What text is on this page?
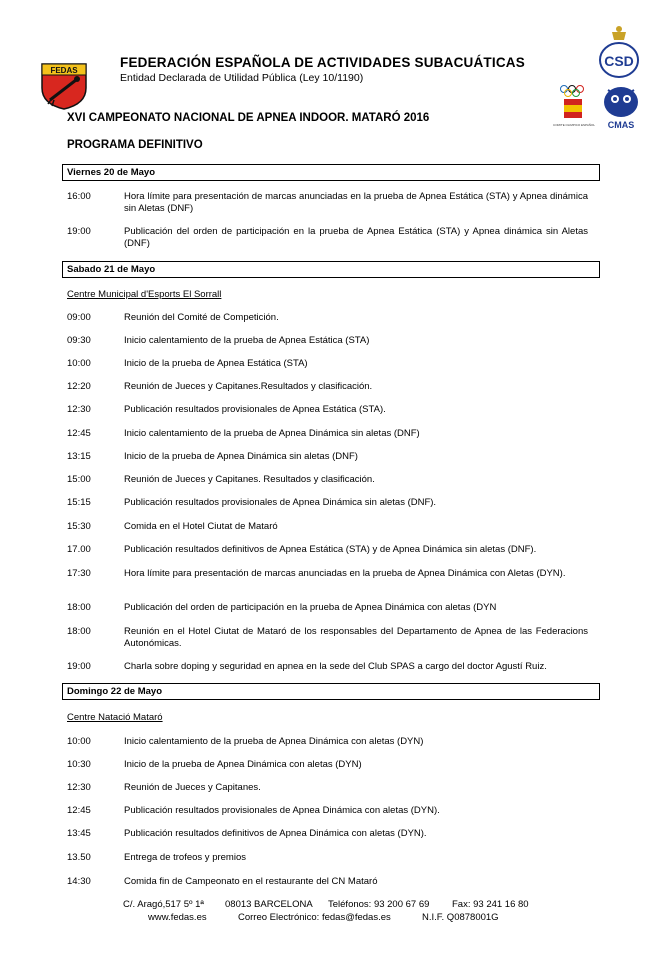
FEDAS
CSD
COMITE OLIMPICO ESPAÑOL CMAS
FEDERACIÓN ESPAÑOLA DE ACTIVIDADES SUBACUÁTICAS
Entidad Declarada de Utilidad Pública (Ley 10/1190)
XVI CAMPEONATO NACIONAL DE APNEA INDOOR. MATARÓ 2016
PROGRAMA DEFINITIVO
Viernes 20 de Mayo
16:00	Hora límite para presentación de marcas anunciadas en la prueba de Apnea Estática (STA) y Apnea dinámica sin Aletas (DNF)
19:00	Publicación del orden de participación en la prueba de Apnea Estática (STA) y Apnea dinámica sin Aletas (DNF)
Sabado 21 de Mayo
Centre Municipal d'Esports El Sorrall
09:00	Reunión del Comité de Competición.
09:30	Inicio calentamiento de la prueba de Apnea Estática (STA)
10:00	Inicio de la prueba de Apnea Estática (STA)
12:20	Reunión de Jueces y Capitanes.Resultados y clasificación.
12:30	Publicación resultados provisionales de Apnea Estática (STA).
12:45	Inicio calentamiento de la prueba de Apnea Dinámica sin aletas (DNF)
13:15	Inicio de la prueba de Apnea Dinámica sin aletas (DNF)
15:00	Reunión de Jueces y Capitanes. Resultados y clasificación.
15:15	Publicación resultados provisionales de Apnea Dinámica sin aletas (DNF).
15:30	Comida en el Hotel Ciutat de Mataró
17.00	Publicación resultados definitivos de Apnea Estática (STA) y de Apnea Dinámica sin aletas (DNF).
17:30	Hora límite para presentación de marcas anunciadas en la prueba de Apnea Dinámica con Aletas (DYN).
18:00	Publicación del orden de participación en la prueba de Apnea Dinámica con aletas (DYN
18:00	Reunión en el Hotel Ciutat de Mataró de los responsables del Departamento de Apnea de las Federacions Autonómicas.
19:00	Charla sobre doping y seguridad en apnea en la sede del Club SPAS a cargo del doctor Agustí Ruiz.
Domingo 22 de Mayo
Centre Natació Mataró
10:00	Inicio calentamiento de la prueba de Apnea Dinámica con aletas (DYN)
10:30	Inicio de la prueba de Apnea Dinámica con aletas (DYN)
12:30	Reunión de Jueces y Capitanes.
12:45	Publicación resultados provisionales de Apnea Dinámica con aletas (DYN).
13:45	Publicación resultados definitivos de Apnea Dinámica con aletas (DYN).
13.50	Entrega de trofeos y premios
14:30	Comida fin de Campeonato en el restaurante del CN Mataró
C/. Aragó,517 5º 1ª 08013 BARCELONA Teléfonos: 93 200 67 69 Fax: 93 241 16 80
www.fedas.es	Correo Electrónico: fedas@fedas.es	N.I.F. Q0878001G
